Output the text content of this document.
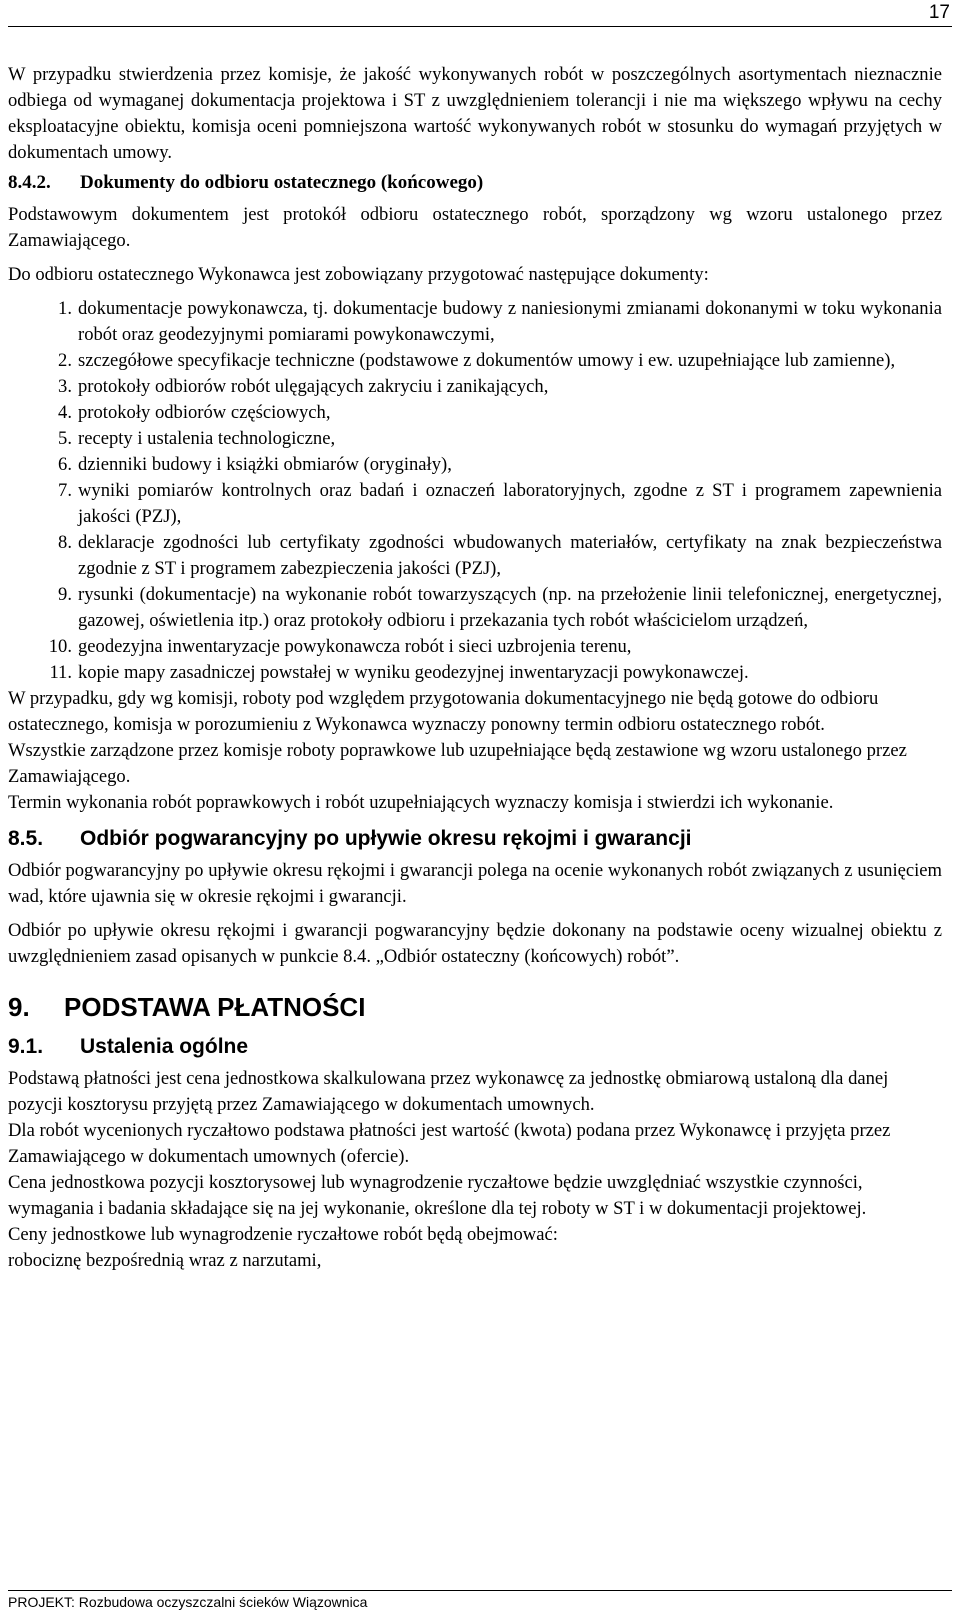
17

W przypadku stwierdzenia przez komisje, że jakość wykonywanych robót w poszczególnych asortymentach nieznacznie odbiega od wymaganej dokumentacja projektowa i ST z uwzględnieniem tolerancji i nie ma większego wpływu na cechy eksploatacyjne obiektu, komisja oceni pomniejszona wartość wykonywanych robót w stosunku do wymagań przyjętych w dokumentach umowy.

8.4.2. Dokumenty do odbioru ostatecznego (końcowego)

Podstawowym dokumentem jest protokół odbioru ostatecznego robót, sporządzony wg wzoru ustalonego przez Zamawiającego.

Do odbioru ostatecznego Wykonawca jest zobowiązany przygotować następujące dokumenty:

1. dokumentacje powykonawcza, tj. dokumentacje budowy z naniesionymi zmianami dokonanymi w toku wykonania robót oraz geodezyjnymi pomiarami powykonawczymi,
2. szczegółowe specyfikacje techniczne (podstawowe z dokumentów umowy i ew. uzupełniające lub zamienne),
3. protokoły odbiorów robót ulęgających zakryciu i zanikających,
4. protokoły odbiorów częściowych,
5. recepty i ustalenia technologiczne,
6. dzienniki budowy i książki obmiarów (oryginały),
7. wyniki pomiarów kontrolnych oraz badań i oznaczeń laboratoryjnych, zgodne z ST i programem zapewnienia jakości (PZJ),
8. deklaracje zgodności lub certyfikaty zgodności wbudowanych materiałów, certyfikaty na znak bezpieczeństwa zgodnie z ST i programem zabezpieczenia jakości (PZJ),
9. rysunki (dokumentacje) na wykonanie robót towarzyszących (np. na przełożenie linii telefonicznej, energetycznej, gazowej, oświetlenia itp.) oraz protokoły odbioru i przekazania tych robót właścicielom urządzeń,
10. geodezyjna inwentaryzacje powykonawcza robót i sieci uzbrojenia terenu,
11. kopie mapy zasadniczej powstałej w wyniku geodezyjnej inwentaryzacji powykonawczej.

W przypadku, gdy wg komisji, roboty pod względem przygotowania dokumentacyjnego nie będą gotowe do odbioru ostatecznego, komisja w porozumieniu z Wykonawca wyznaczy ponowny termin odbioru ostatecznego robót.

Wszystkie zarządzone przez komisje roboty poprawkowe lub uzupełniające będą zestawione wg wzoru ustalonego przez Zamawiającego.

Termin wykonania robót poprawkowych i robót uzupełniających wyznaczy komisja i stwierdzi ich wykonanie.

8.5. Odbiór pogwarancyjny po upływie okresu rękojmi i gwarancji

Odbiór pogwarancyjny po upływie okresu rękojmi i gwarancji polega na ocenie wykonanych robót związanych z usunięciem wad, które ujawnia się w okresie rękojmi i gwarancji.

Odbiór po upływie okresu rękojmi i gwarancji pogwarancyjny będzie dokonany na podstawie oceny wizualnej obiektu z uwzględnieniem zasad opisanych w punkcie 8.4. „Odbiór ostateczny (końcowych) robót”.

9. PODSTAWA PŁATNOŚCI
9.1. Ustalenia ogólne

Podstawą płatności jest cena jednostkowa skalkulowana przez wykonawcę za jednostkę obmiarową ustaloną dla danej pozycji kosztorysu przyjętą przez Zamawiającego w dokumentach umownych.

Dla robót wycenionych ryczałtowo podstawa płatności jest wartość (kwota) podana przez Wykonawcę i przyjęta przez Zamawiającego w dokumentach umownych (ofercie).

Cena jednostkowa pozycji kosztorysowej lub wynagrodzenie ryczałtowe będzie uwzględniać wszystkie czynności, wymagania i badania składające się na jej wykonanie, określone dla tej roboty w ST i w dokumentacji projektowej.

Ceny jednostkowe lub wynagrodzenie ryczałtowe robót będą obejmować:

robociznę bezpośrednią wraz z narzutami,

PROJEKT: Rozbudowa oczyszczalni ścieków Wiązownica
